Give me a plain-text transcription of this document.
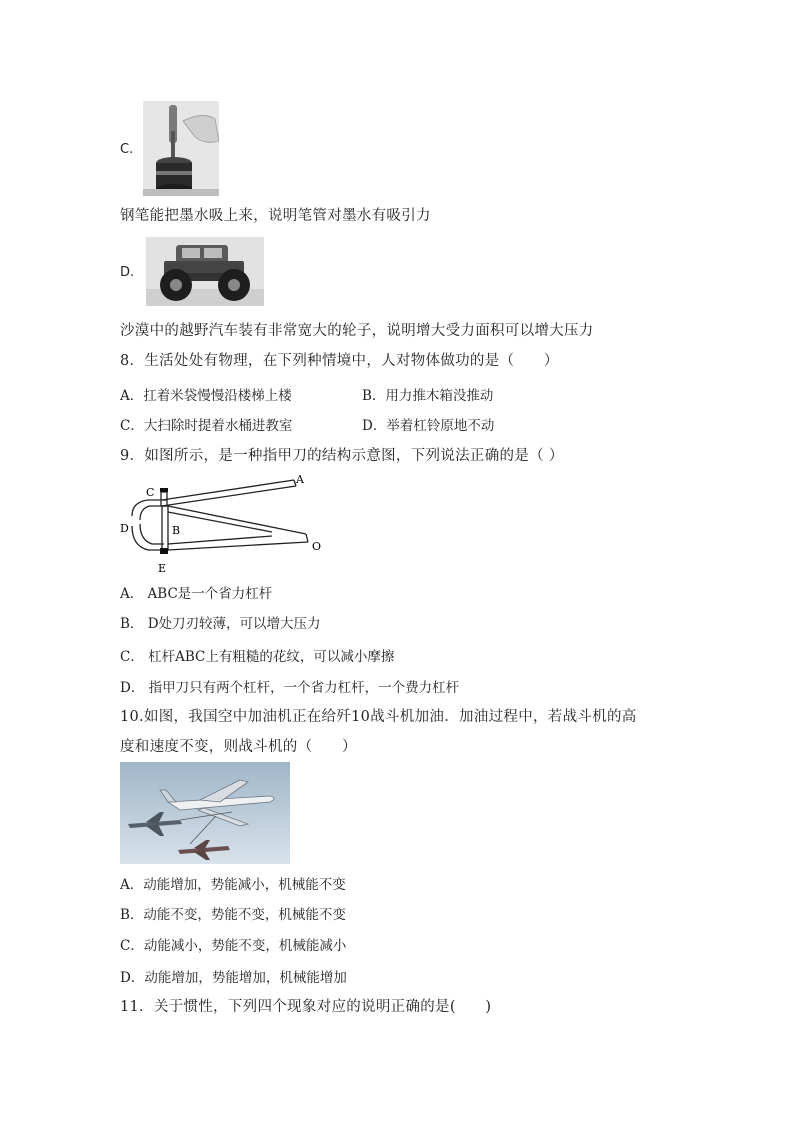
C.
钢笔能把墨水吸上来，说明笔管对墨水有吸引力
D.
沙漠中的越野汽车装有非常宽大的轮子，说明增大受力面积可以增大压力
8．生活处处有物理，在下列种情境中，人对物体做功的是（　　）
A．扛着米袋慢慢沿楼梯上楼	B．用力推木箱没推动
C．大扫除时提着水桶进教室	D．举着杠铃原地不动
9．如图所示，是一种指甲刀的结构示意图，下列说法正确的是（ ）
C
A
D	B
E
O
A． ABC是一个省力杠杆
B． D处刀刃较薄，可以增大压力
C． 杠杆ABC上有粗糙的花纹，可以减小摩擦
D． 指甲刀只有两个杠杆，一个省力杠杆，一个费力杠杆
10.如图，我国空中加油机正在给歼10战斗机加油．加油过程中，若战斗机的高
度和速度不变，则战斗机的（　　）
A．动能增加，势能减小，机械能不变
B．动能不变，势能不变，机械能不变
C．动能减小，势能不变，机械能减小
D．动能增加，势能增加，机械能增加
11．关于惯性，下列四个现象对应的说明正确的是(　　)
